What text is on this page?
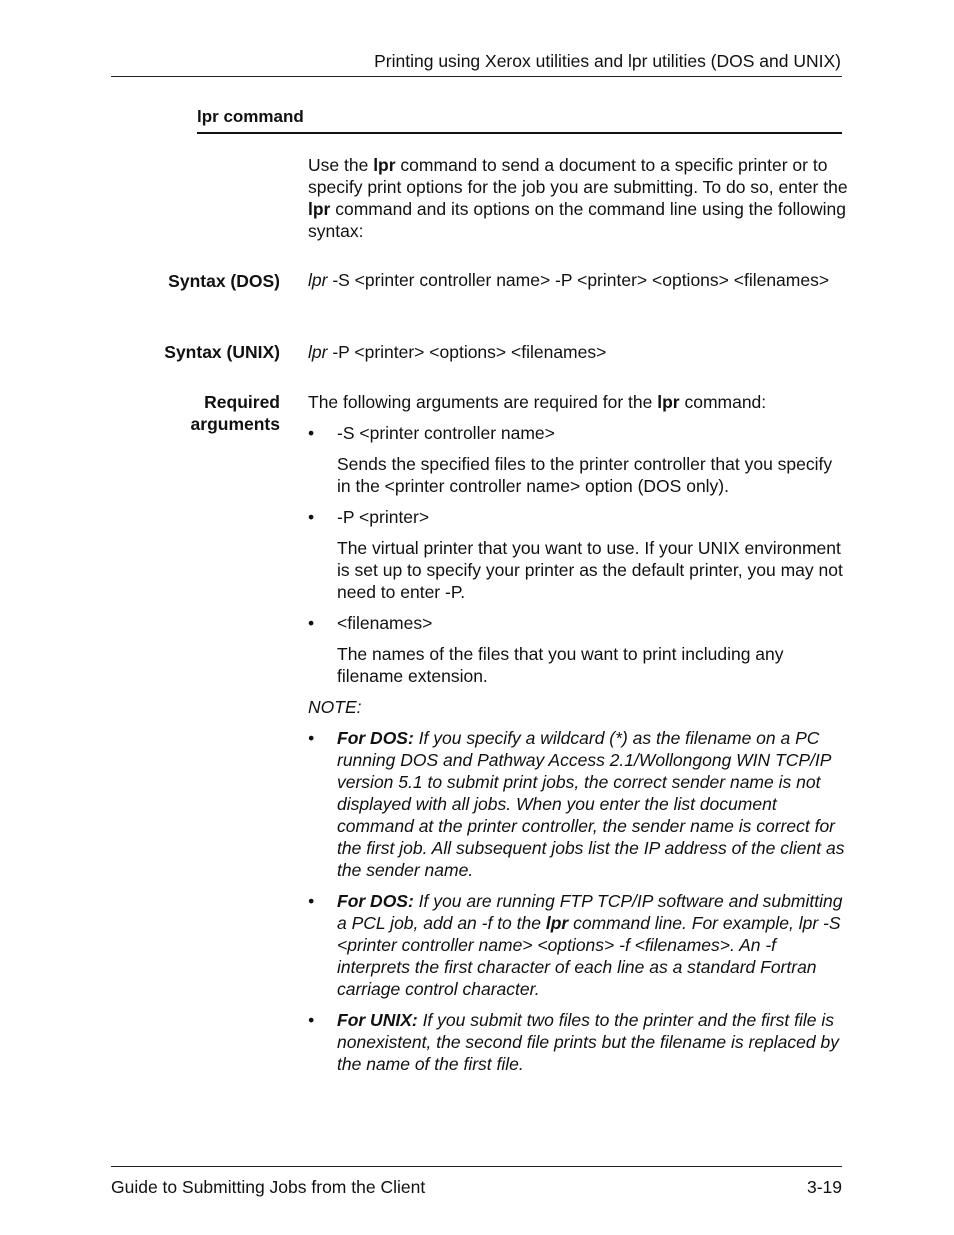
Printing using Xerox utilities and lpr utilities (DOS and UNIX)
lpr command
Use the lpr command to send a document to a specific printer or to specify print options for the job you are submitting. To do so, enter the lpr command and its options on the command line using the following syntax:
Syntax (DOS) lpr -S <printer controller name> -P <printer> <options> <filenames>
Syntax (UNIX) lpr -P <printer> <options> <filenames>
Required
arguments

The following arguments are required for the lpr command:

• -S <printer controller name>

Sends the specified files to the printer controller that you specify in the <printer controller name> option (DOS only).

• -P <printer>

The virtual printer that you want to use. If your UNIX environment is set up to specify your printer as the default printer, you may not need to enter -P.

• <filenames>

The names of the files that you want to print including any filename extension.

NOTE:

• For DOS: If you specify a wildcard (*) as the filename on a PC running DOS and Pathway Access 2.1/Wollongong WIN TCP/IP version 5.1 to submit print jobs, the correct sender name is not displayed with all jobs. When you enter the list document command at the printer controller, the sender name is correct for the first job. All subsequent jobs list the IP address of the client as the sender name.
• For DOS: If you are running FTP TCP/IP software and submitting a PCL job, add an -f to the lpr command line. For example, lpr -S <printer controller name> <options> -f <filenames>. An -f interprets the first character of each line as a standard Fortran carriage control character.
• For UNIX: If you submit two files to the printer and the first file is nonexistent, the second file prints but the filename is replaced by the name of the first file.
Guide to Submitting Jobs from the Client	3-19
